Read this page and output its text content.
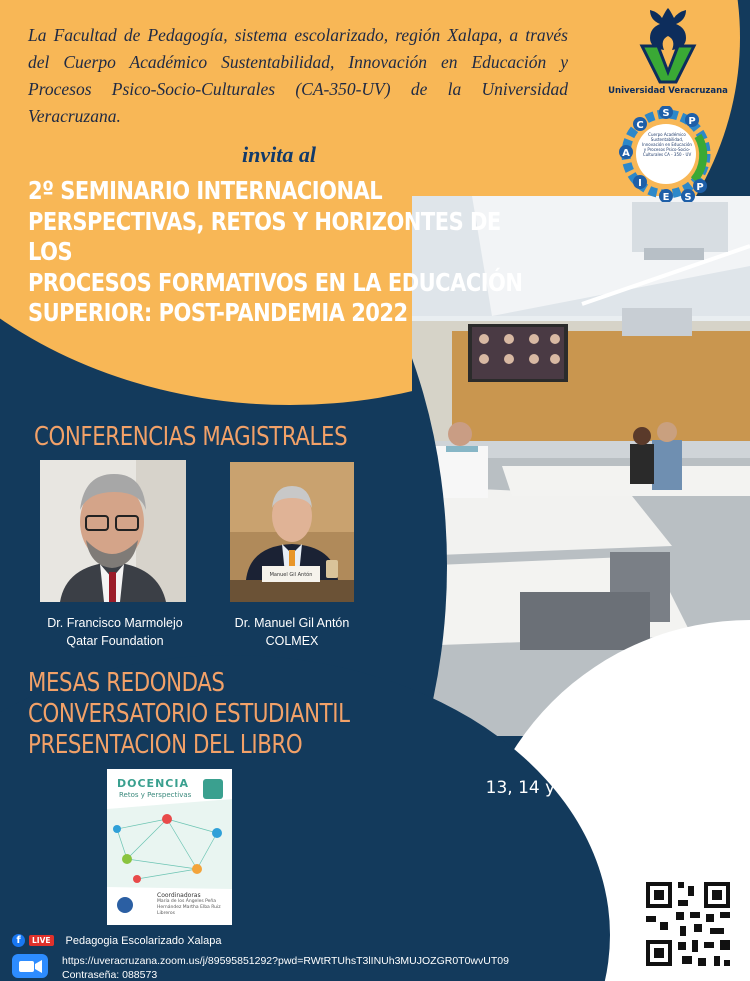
La Facultad de Pedagogía, sistema escolarizado, región Xalapa, a través del Cuerpo Académico Sustentabilidad, Innovación en Educación y Procesos Psico-Socio-Culturales (CA-350-UV) de la Universidad Veracruzana.

invita al
2º SEMINARIO INTERNACIONAL
PERSPECTIVAS, RETOS Y HORIZONTES DE LOS
PROCESOS FORMATIVOS EN LA EDUCACIÓN
SUPERIOR: POST-PANDEMIA 2022
Universidad Veracruzana
C
A
S
I
E
P
P
S
Cuerpo Académico Sustentabilidad, Innovación en Educación y Procesos Psico-Socio-Culturales CA - 350 - UV
CONFERENCIAS MAGISTRALES
Manuel Gil Antón
Dr. Francisco Marmolejo
Qatar Foundation
Dr. Manuel Gil Antón
COLMEX
MESAS REDONDAS
CONVERSATORIO ESTUDIANTIL
PRESENTACION DEL LIBRO
DOCENCIA
Retos y Perspectivas
Coordinadoras
María de los Ángeles Peña Hernández Martha Elba Ruiz Libreros
13, 14 y 15 de Junio del 2022
10:00 a 13:00hrs.
Plataforma Zoom
f	LIVE Pedagogia Escolarizado Xalapa
https://uveracruzana.zoom.us/j/89595851292?pwd=RWtRTUhsT3lINUh3MUJOZGR0T0wvUT09
Contraseña: 088573
